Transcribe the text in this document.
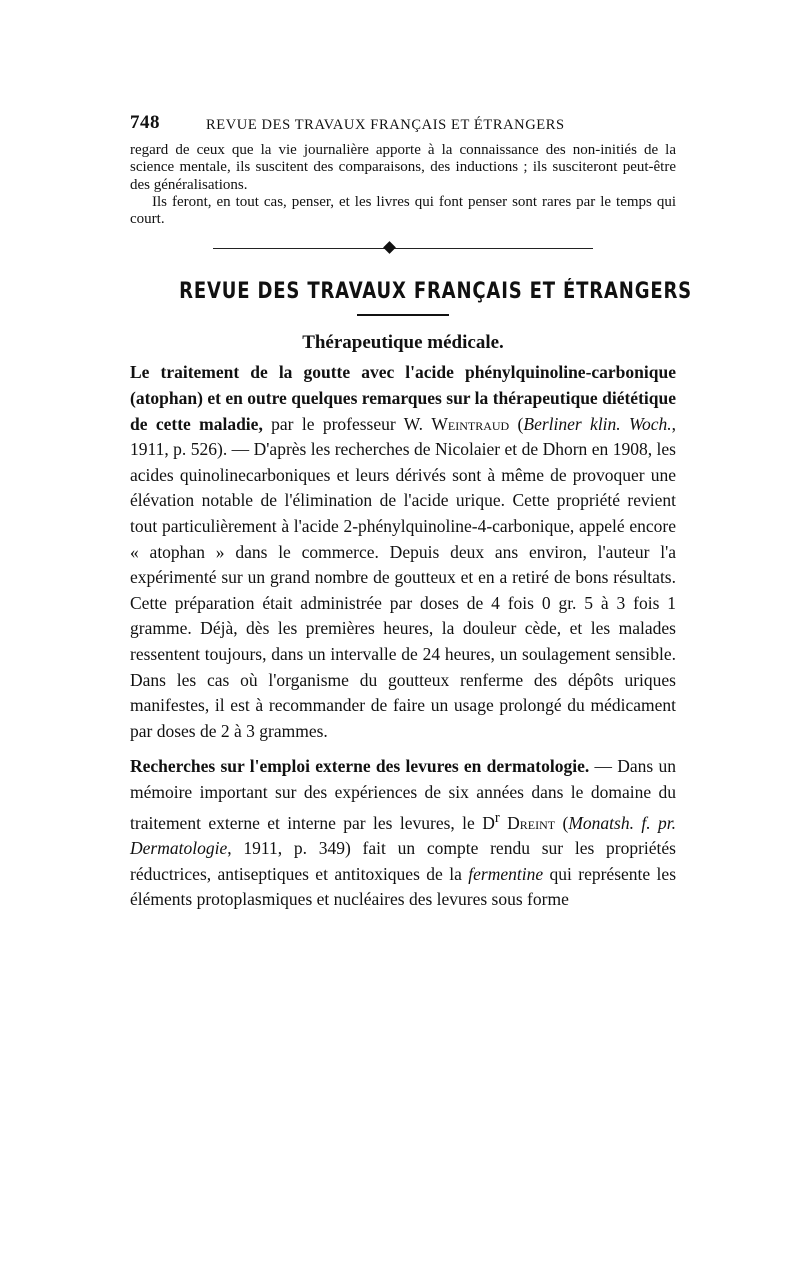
748	REVUE DES TRAVAUX FRANÇAIS ET ÉTRANGERS

regard de ceux que la vie journalière apporte à la connaissance des non-initiés de la science mentale, ils suscitent des comparaisons, des inductions ; ils susciteront peut-être des généralisations.

Ils feront, en tout cas, penser, et les livres qui font penser sont rares par le temps qui court.

REVUE DES TRAVAUX FRANÇAIS ET ÉTRANGERS
Thérapeutique médicale.

Le traitement de la goutte avec l'acide phénylquinoline-carbonique (atophan) et en outre quelques remarques sur la thérapeutique diététique de cette maladie, par le professeur W. Weintraud (Berliner klin. Woch., 1911, p. 526). — D'après les recherches de Nicolaier et de Dhorn en 1908, les acides quinolinecarboniques et leurs dérivés sont à même de provoquer une élévation notable de l'élimination de l'acide urique. Cette propriété revient tout particulièrement à l'acide 2-phénylquinoline-4-carbonique, appelé encore « atophan » dans le commerce. Depuis deux ans environ, l'auteur l'a expérimenté sur un grand nombre de goutteux et en a retiré de bons résultats. Cette préparation était administrée par doses de 4 fois 0 gr. 5 à 3 fois 1 gramme. Déjà, dès les premières heures, la douleur cède, et les malades ressentent toujours, dans un intervalle de 24 heures, un soulagement sensible. Dans les cas où l'organisme du goutteux renferme des dépôts uriques manifestes, il est à recommander de faire un usage prolongé du médicament par doses de 2 à 3 grammes.

Recherches sur l'emploi externe des levures en dermatologie. — Dans un mémoire important sur des expériences de six années dans le domaine du traitement externe et interne par les levures, le $D^r$ Dreint (Monatsh. f. pr. Dermatologie, 1911, p. 349) fait un compte rendu sur les propriétés réductrices, antiseptiques et antitoxiques de la fermentine qui représente les éléments protoplasmiques et nucléaires des levures sous forme
